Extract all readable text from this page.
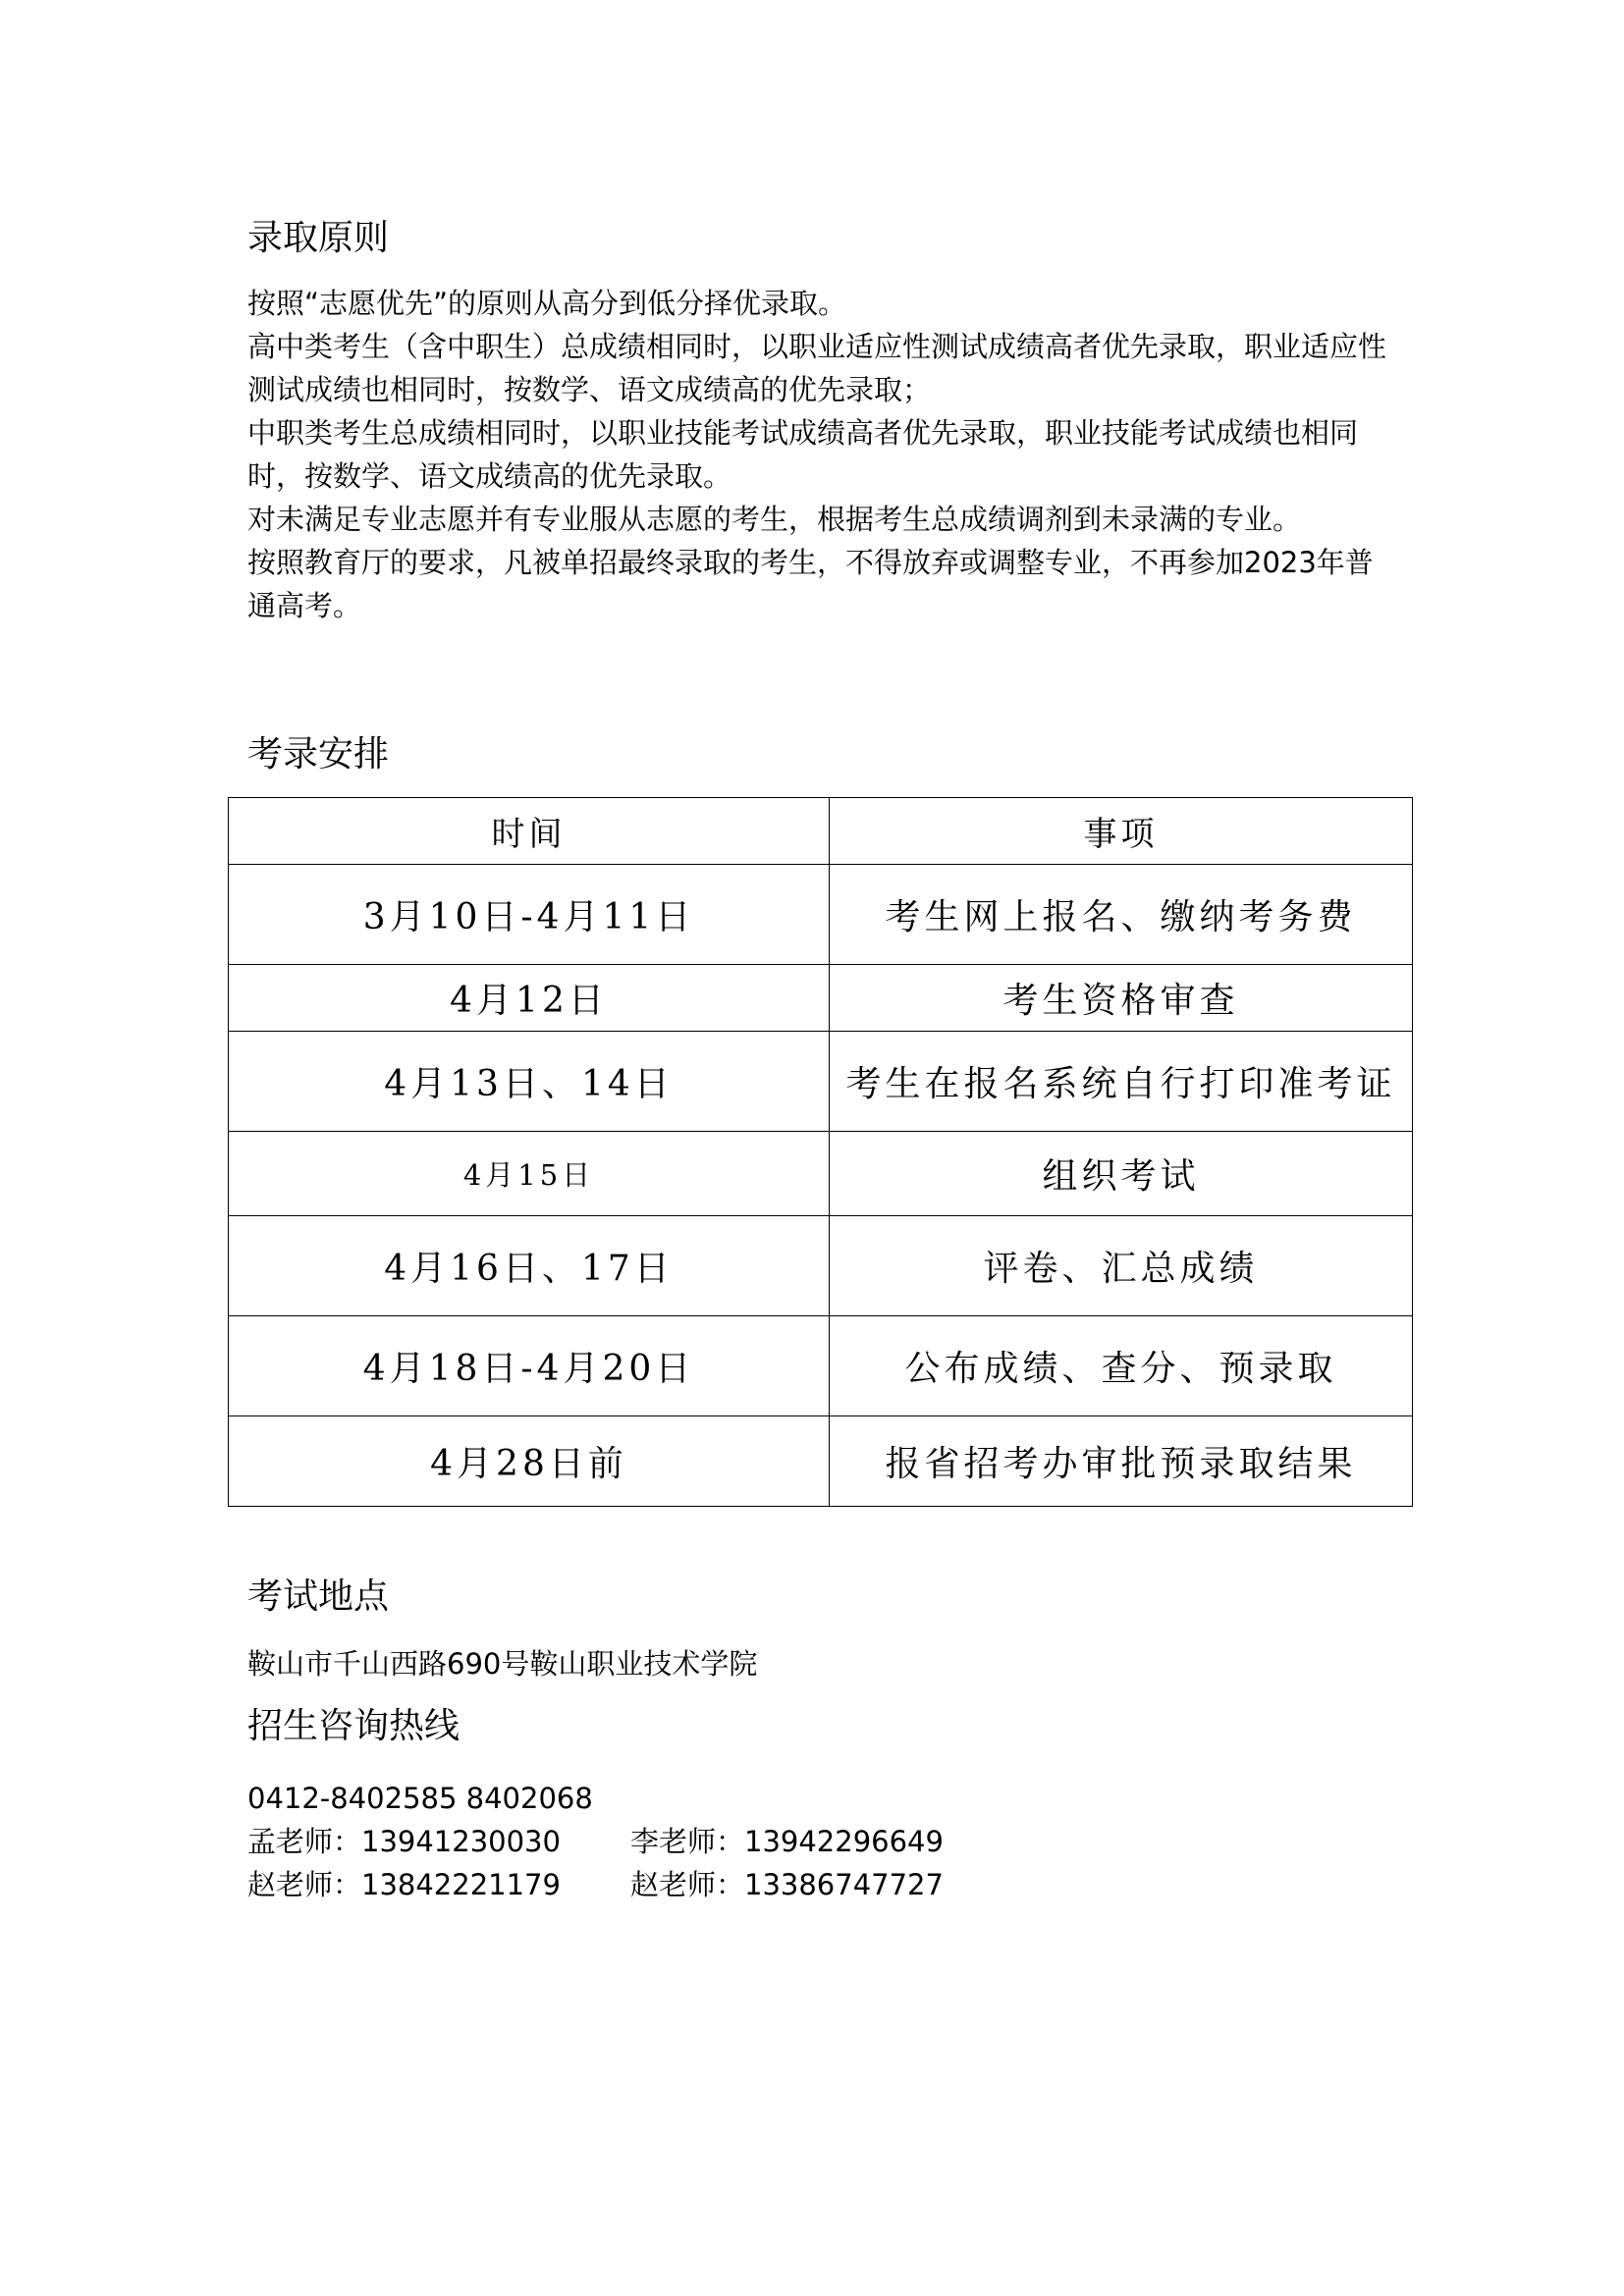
录取原则

按照“志愿优先”的原则从高分到低分择优录取。

高中类考生（含中职生）总成绩相同时，以职业适应性测试成绩高者优先录取，职业适应性测试成绩也相同时，按数学、语文成绩高的优先录取；

中职类考生总成绩相同时，以职业技能考试成绩高者优先录取，职业技能考试成绩也相同时，按数学、语文成绩高的优先录取。

对未满足专业志愿并有专业服从志愿的考生，根据考生总成绩调剂到未录满的专业。

按照教育厅的要求，凡被单招最终录取的考生，不得放弃或调整专业，不再参加2023年普通高考。

考录安排
时间	事项
3月10日-4月11日	考生网上报名、缴纳考务费
4月12日	考生资格审查
4月13日、14日	考生在报名系统自行打印准考证
4月15日	组织考试
4月16日、17日	评卷、汇总成绩
4月18日-4月20日	公布成绩、查分、预录取
4月28日前	报省招考办审批预录取结果
考试地点
鞍山市千山西路690号鞍山职业技术学院
招生咨询热线
0412-8402585 8402068
孟老师：13941230030 李老师：13942296649
赵老师：13842221179 赵老师：13386747727
